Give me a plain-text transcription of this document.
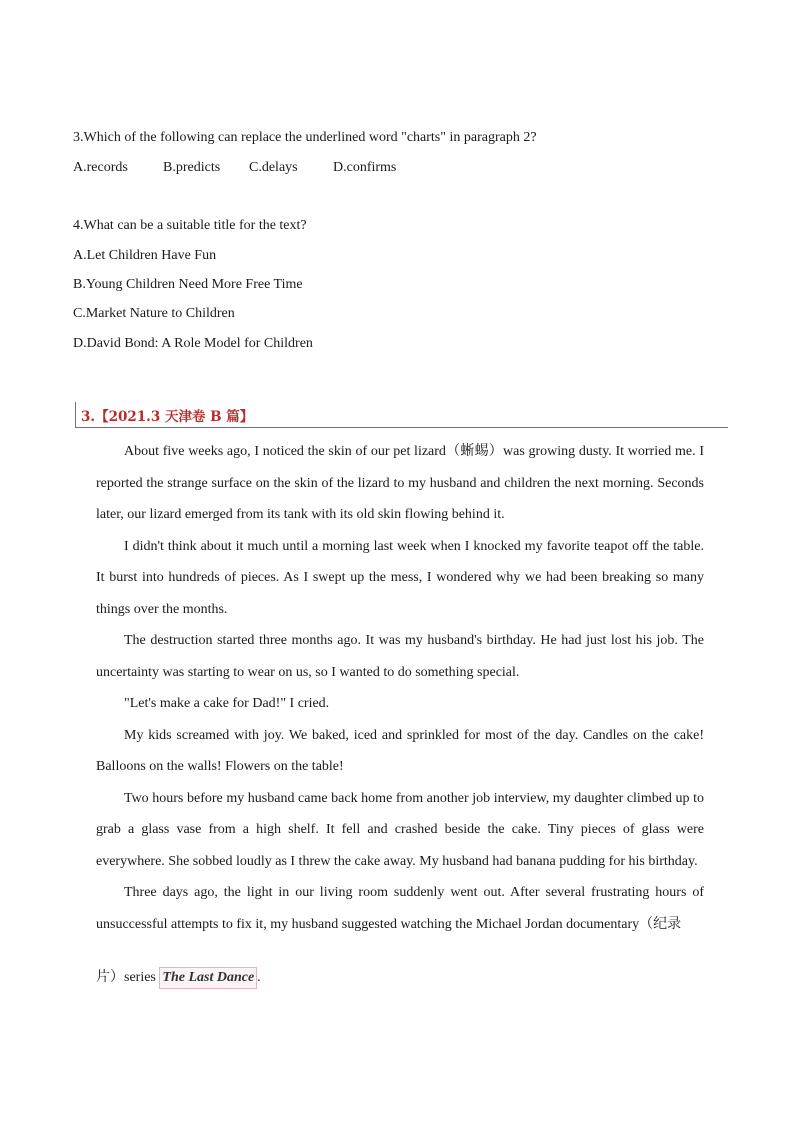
3.Which of the following can replace the underlined word "charts" in paragraph 2?
A.records	B.predicts	C.delays	D.confirms
4.What can be a suitable title for the text?
A.Let Children Have Fun
B.Young Children Need More Free Time
C.Market Nature to Children
D.David Bond: A Role Model for Children
3.【2021.3 天津卷 B 篇】

About five weeks ago, I noticed the skin of our pet lizard（蜥蜴）was growing dusty. It worried me. I reported the strange surface on the skin of the lizard to my husband and children the next morning. Seconds later, our lizard emerged from its tank with its old skin flowing behind it.

I didn't think about it much until a morning last week when I knocked my favorite teapot off the table. It burst into hundreds of pieces. As I swept up the mess, I wondered why we had been breaking so many things over the months.

The destruction started three months ago. It was my husband's birthday. He had just lost his job. The uncertainty was starting to wear on us, so I wanted to do something special.

"Let's make a cake for Dad!" I cried.

My kids screamed with joy. We baked, iced and sprinkled for most of the day. Candles on the cake! Balloons on the walls! Flowers on the table!

Two hours before my husband came back home from another job interview, my daughter climbed up to grab a glass vase from a high shelf. It fell and crashed beside the cake. Tiny pieces of glass were everywhere. She sobbed loudly as I threw the cake away. My husband had banana pudding for his birthday.

Three days ago, the light in our living room suddenly went out. After several frustrating hours of unsuccessful attempts to fix it, my husband suggested watching the Michael Jordan documentary（纪录
片）series The Last Dance .
